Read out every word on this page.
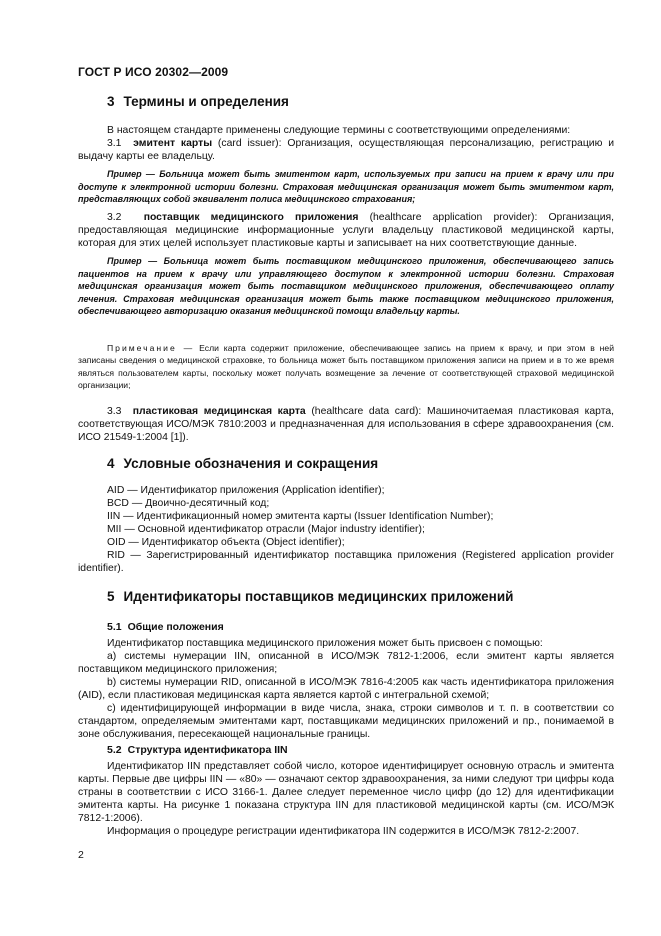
ГОСТ Р ИСО 20302—2009
3 Термины и определения

В настоящем стандарте применены следующие термины с соответствующими определениями:

3.1 эмитент карты (card issuer): Организация, осуществляющая персонализацию, регистрацию и выдачу карты ее владельцу.

Пример — Больница может быть эмитентом карт, используемых при записи на прием к врачу или при доступе к электронной истории болезни. Страховая медицинская организация может быть эмитентом карт, представляющих собой эквивалент полиса медицинского страхования;

3.2 поставщик медицинского приложения (healthcare application provider): Организация, предоставляющая медицинские информационные услуги владельцу пластиковой медицинской карты, которая для этих целей использует пластиковые карты и записывает на них соответствующие данные.

Пример — Больница может быть поставщиком медицинского приложения, обеспечивающего запись пациентов на прием к врачу или управляющего доступом к электронной истории болезни. Страховая медицинская организация может быть поставщиком медицинского приложения, обеспечивающего оплату лечения. Страховая медицинская организация может быть также поставщиком медицинского приложения, обеспечивающего авторизацию оказания медицинской помощи владельцу карты.

Примечание — Если карта содержит приложение, обеспечивающее запись на прием к врачу, и при этом в ней записаны сведения о медицинской страховке, то больница может быть поставщиком приложения записи на прием и в то же время являться пользователем карты, поскольку может получать возмещение за лечение от соответствующей страховой медицинской организации;

3.3 пластиковая медицинская карта (healthcare data card): Машиночитаемая пластиковая карта, соответствующая ИСО/МЭК 7810:2003 и предназначенная для использования в сфере здравоохранения (см. ИСО 21549-1:2004 [1]).

4 Условные обозначения и сокращения
AID — Идентификатор приложения (Application identifier);
BCD — Двоично-десятичный код;
IIN — Идентификационный номер эмитента карты (Issuer Identification Number);
MII — Основной идентификатор отрасли (Major industry identifier);
OID — Идентификатор объекта (Object identifier);
RID — Зарегистрированный идентификатор поставщика приложения (Registered application provider identifier).
5 Идентификаторы поставщиков медицинских приложений
5.1 Общие положения

Идентификатор поставщика медицинского приложения может быть присвоен с помощью:

а) системы нумерации IIN, описанной в ИСО/МЭК 7812-1:2006, если эмитент карты является поставщиком медицинского приложения;

b) системы нумерации RID, описанной в ИСО/МЭК 7816-4:2005 как часть идентификатора приложения (AID), если пластиковая медицинская карта является картой с интегральной схемой;

с) идентифицирующей информации в виде числа, знака, строки символов и т. п. в соответствии со стандартом, определяемым эмитентами карт, поставщиками медицинских приложений и пр., понимаемой в зоне обслуживания, пересекающей национальные границы.

5.2 Структура идентификатора IIN

Идентификатор IIN представляет собой число, которое идентифицирует основную отрасль и эмитента карты. Первые две цифры IIN — «80» — означают сектор здравоохранения, за ними следуют три цифры кода страны в соответствии с ИСО 3166-1. Далее следует переменное число цифр (до 12) для идентификации эмитента карты. На рисунке 1 показана структура IIN для пластиковой медицинской карты (см. ИСО/МЭК 7812-1:2006).

Информация о процедуре регистрации идентификатора IIN содержится в ИСО/МЭК 7812-2:2007.

2
